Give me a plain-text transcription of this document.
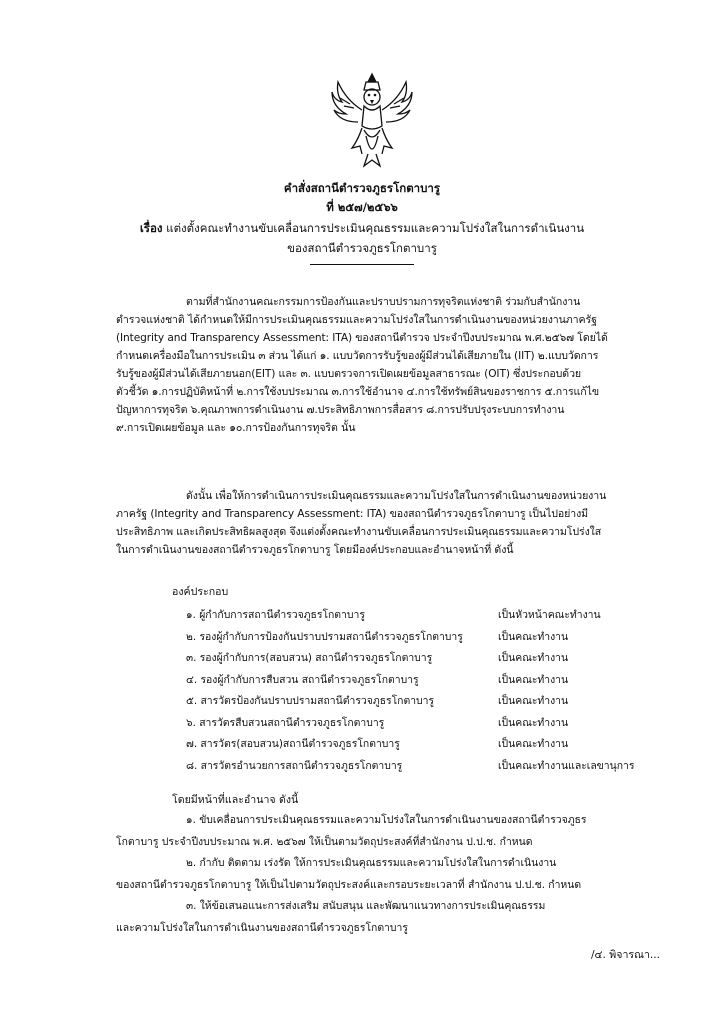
คำสั่งสถานีตำรวจภูธรโกตาบารู
ที่ ๒๕๗/๒๕๖๖
เรื่อง แต่งตั้งคณะทำงานขับเคลื่อนการประเมินคุณธรรมและความโปร่งใสในการดำเนินงาน
ของสถานีตำรวจภูธรโกตาบารู
ตามที่สำนักงานคณะกรรมการป้องกันและปราบปรามการทุจริตแห่งชาติ ร่วมกับสำนักงาน
ตำรวจแห่งชาติ ได้กำหนดให้มีการประเมินคุณธรรมและความโปร่งใสในการดำเนินงานของหน่วยงานภาครัฐ
(Integrity and Transparency Assessment: ITA) ของสถานีตำรวจ ประจำปีงบประมาณ พ.ศ.๒๕๖๗ โดยได้
กำหนดเครื่องมือในการประเมิน ๓ ส่วน ได้แก่ ๑. แบบวัดการรับรู้ของผู้มีส่วนได้เสียภายใน (IIT) ๒.แบบวัดการ
รับรู้ของผู้มีส่วนได้เสียภายนอก(EIT) และ ๓. แบบตรวจการเปิดเผยข้อมูลสาธารณะ (OIT) ซึ่งประกอบด้วย
ตัวชี้วัด ๑.การปฏิบัติหน้าที่ ๒.การใช้งบประมาณ ๓.การใช้อำนาจ ๔.การใช้ทรัพย์สินของราชการ ๕.การแก้ไข
ปัญหาการทุจริต ๖.คุณภาพการดำเนินงาน ๗.ประสิทธิภาพการสื่อสาร ๘.การปรับปรุงระบบการทำงาน
๙.การเปิดเผยข้อมูล และ ๑๐.การป้องกันการทุจริต นั้น
ดังนั้น เพื่อให้การดำเนินการประเมินคุณธรรมและความโปร่งใสในการดำเนินงานของหน่วยงาน
ภาครัฐ (Integrity and Transparency Assessment: ITA) ของสถานีตำรวจภูธรโกตาบารู เป็นไปอย่างมี
ประสิทธิภาพ และเกิดประสิทธิผลสูงสุด จึงแต่งตั้งคณะทำงานขับเคลื่อนการประเมินคุณธรรมและความโปร่งใส
ในการดำเนินงานของสถานีตำรวจภูธรโกตาบารู โดยมีองค์ประกอบและอำนาจหน้าที่ ดังนี้
องค์ประกอบ
๑. ผู้กำกับการสถานีตำรวจภูธรโกตาบารู	เป็นหัวหน้าคณะทำงาน
๒. รองผู้กำกับการป้องกันปราบปรามสถานีตำรวจภูธรโกตาบารู	เป็นคณะทำงาน
๓. รองผู้กำกับการ(สอบสวน) สถานีตำรวจภูธรโกตาบารู	เป็นคณะทำงาน
๔. รองผู้กำกับการสืบสวน สถานีตำรวจภูธรโกตาบารู	เป็นคณะทำงาน
๕. สารวัตรป้องกันปราบปรามสถานีตำรวจภูธรโกตาบารู	เป็นคณะทำงาน
๖. สารวัตรสืบสวนสถานีตำรวจภูธรโกตาบารู	เป็นคณะทำงาน
๗. สารวัตร(สอบสวน)สถานีตำรวจภูธรโกตาบารู	เป็นคณะทำงาน
๘. สารวัตรอำนวยการสถานีตำรวจภูธรโกตาบารู	เป็นคณะทำงานและเลขานุการ
โดยมีหน้าที่และอำนาจ ดังนี้
๑. ขับเคลื่อนการประเมินคุณธรรมและความโปร่งใสในการดำเนินงานของสถานีตำรวจภูธร
โกตาบารู ประจำปีงบประมาณ พ.ศ. ๒๕๖๗ ให้เป็นตามวัตถุประสงค์ที่สำนักงาน ป.ป.ช. กำหนด
๒. กำกับ ติดตาม เร่งรัด ให้การประเมินคุณธรรมและความโปร่งใสในการดำเนินงาน
ของสถานีตำรวจภูธรโกตาบารู ให้เป็นไปตามวัตถุประสงค์และกรอบระยะเวลาที่ สำนักงาน ป.ป.ช. กำหนด
๓. ให้ข้อเสนอแนะการส่งเสริม สนับสนุน และพัฒนาแนวทางการประเมินคุณธรรม
และความโปร่งใสในการดำเนินงานของสถานีตำรวจภูธรโกตาบารู
/๔. พิจารณา...
